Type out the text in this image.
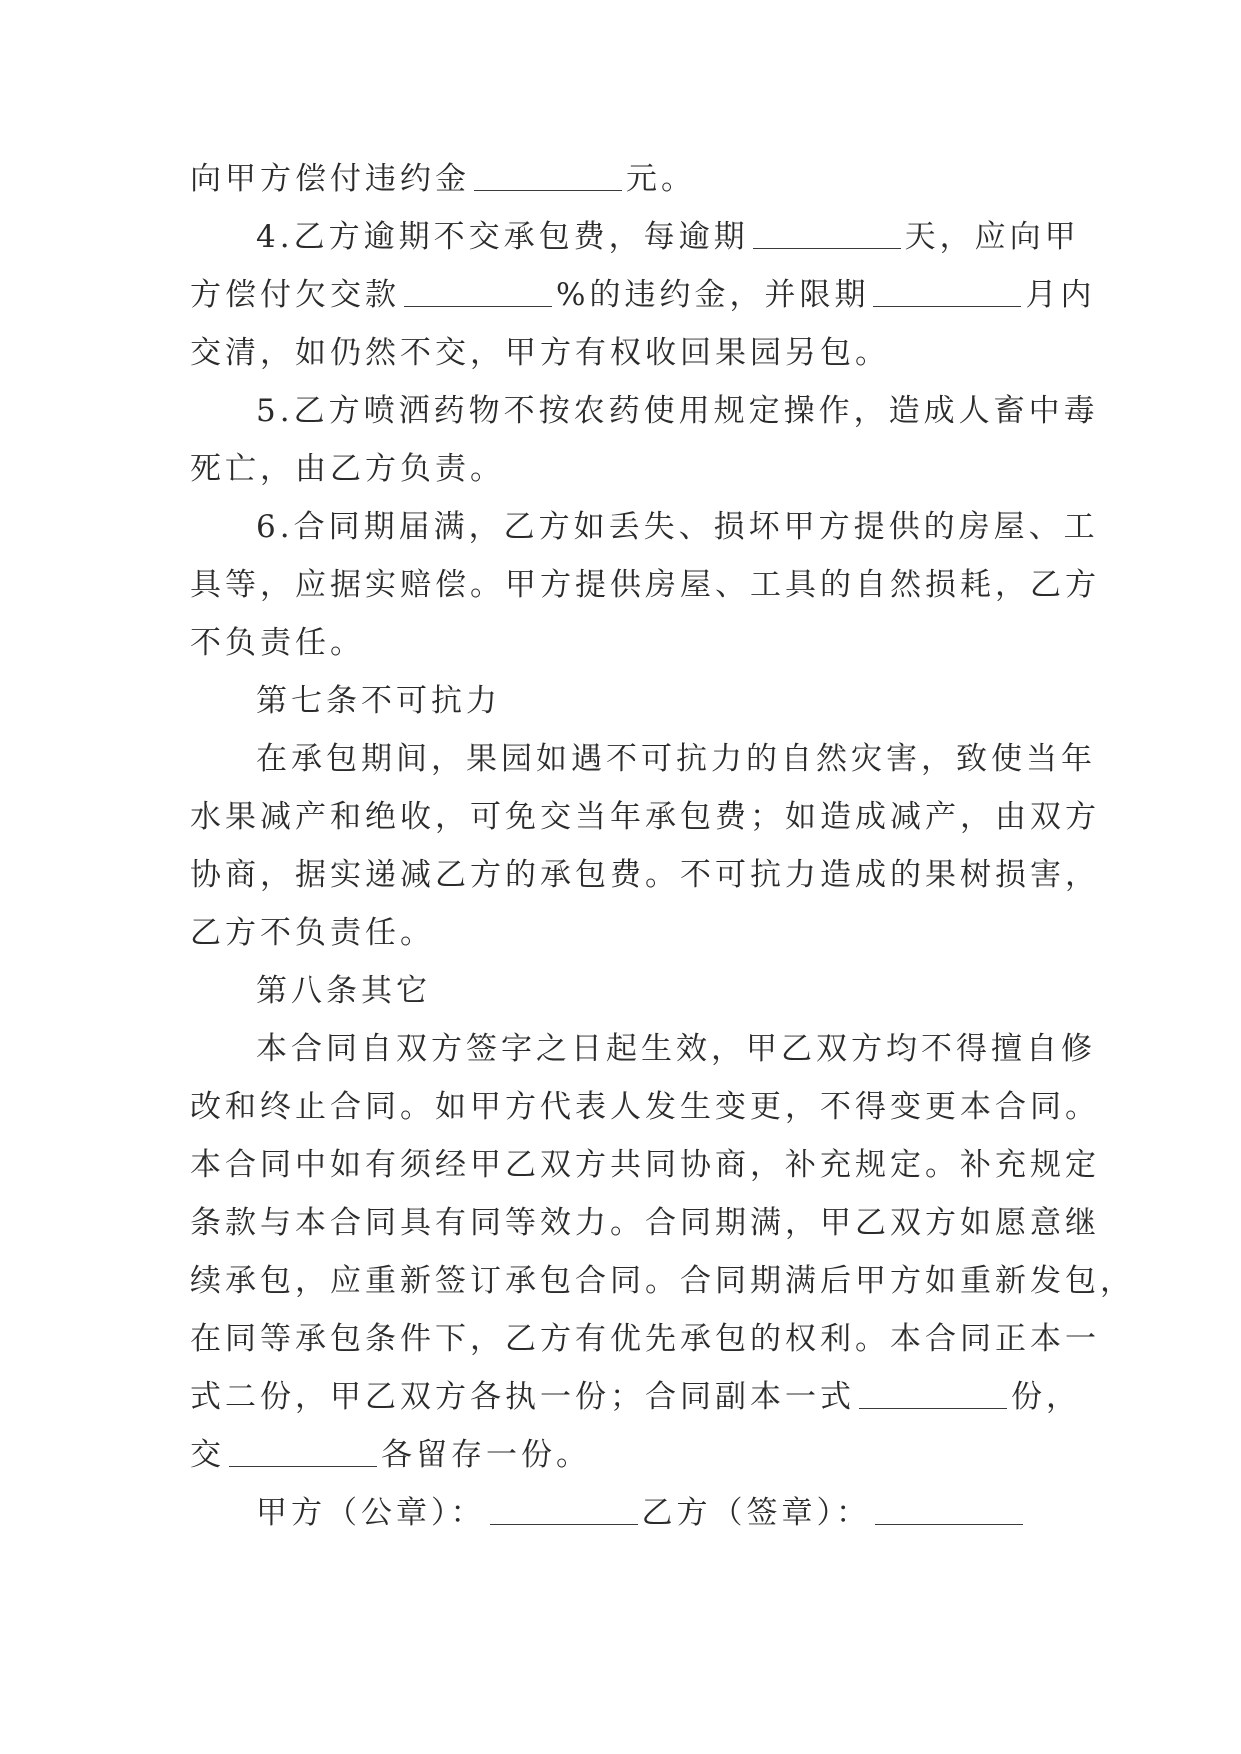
向甲方偿付违约金	元。
4.乙方逾期不交承包费，每逾期	天，应向甲
方偿付欠交款	%的违约金，并限期	月内
交清，如仍然不交，甲方有权收回果园另包。
5.乙方喷洒药物不按农药使用规定操作，造成人畜中毒
死亡，由乙方负责。
6.合同期届满，乙方如丢失、损坏甲方提供的房屋、工
具等，应据实赔偿。甲方提供房屋、工具的自然损耗，乙方
不负责任。
第七条不可抗力
在承包期间，果园如遇不可抗力的自然灾害，致使当年
水果减产和绝收，可免交当年承包费；如造成减产，由双方
协商，据实递减乙方的承包费。不可抗力造成的果树损害，
乙方不负责任。
第八条其它
本合同自双方签字之日起生效，甲乙双方均不得擅自修
改和终止合同。如甲方代表人发生变更，不得变更本合同。
本合同中如有须经甲乙双方共同协商，补充规定。补充规定
条款与本合同具有同等效力。合同期满，甲乙双方如愿意继
续承包，应重新签订承包合同。合同期满后甲方如重新发包，
在同等承包条件下，乙方有优先承包的权利。本合同正本一
式二份，甲乙双方各执一份；合同副本一式	份，
交	各留存一份。
甲方（公章）：	乙方（签章）：
